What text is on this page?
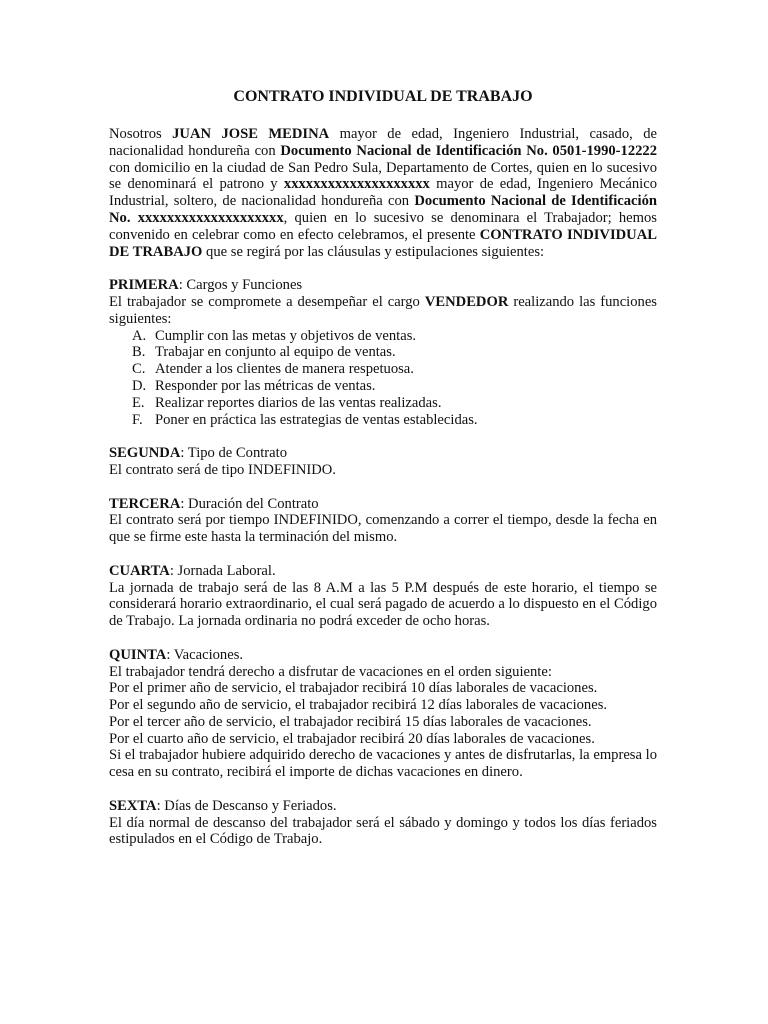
CONTRATO INDIVIDUAL DE TRABAJO

Nosotros JUAN JOSE MEDINA mayor de edad, Ingeniero Industrial, casado, de nacionalidad hondureña con Documento Nacional de Identificación No. 0501-1990-12222 con domicilio en la ciudad de San Pedro Sula, Departamento de Cortes, quien en lo sucesivo se denominará el patrono y xxxxxxxxxxxxxxxxxxxx mayor de edad, Ingeniero Mecánico Industrial, soltero, de nacionalidad hondureña con Documento Nacional de Identificación No. xxxxxxxxxxxxxxxxxxxx, quien en lo sucesivo se denominara el Trabajador; hemos convenido en celebrar como en efecto celebramos, el presente CONTRATO INDIVIDUAL DE TRABAJO que se regirá por las cláusulas y estipulaciones siguientes:

PRIMERA: Cargos y Funciones

El trabajador se compromete a desempeñar el cargo VENDEDOR realizando las funciones siguientes:

A. Cumplir con las metas y objetivos de ventas.
B. Trabajar en conjunto al equipo de ventas.
C. Atender a los clientes de manera respetuosa.
D. Responder por las métricas de ventas.
E. Realizar reportes diarios de las ventas realizadas.
F. Poner en práctica las estrategias de ventas establecidas.

SEGUNDA: Tipo de Contrato

El contrato será de tipo INDEFINIDO.

TERCERA: Duración del Contrato

El contrato será por tiempo INDEFINIDO, comenzando a correr el tiempo, desde la fecha en que se firme este hasta la terminación del mismo.

CUARTA: Jornada Laboral.

La jornada de trabajo será de las 8 A.M a las 5 P.M después de este horario, el tiempo se considerará horario extraordinario, el cual será pagado de acuerdo a lo dispuesto en el Código de Trabajo. La jornada ordinaria no podrá exceder de ocho horas.

QUINTA: Vacaciones.

El trabajador tendrá derecho a disfrutar de vacaciones en el orden siguiente:
Por el primer año de servicio, el trabajador recibirá 10 días laborales de vacaciones.
Por el segundo año de servicio, el trabajador recibirá 12 días laborales de vacaciones.
Por el tercer año de servicio, el trabajador recibirá 15 días laborales de vacaciones.
Por el cuarto año de servicio, el trabajador recibirá 20 días laborales de vacaciones.

Si el trabajador hubiere adquirido derecho de vacaciones y antes de disfrutarlas, la empresa lo cesa en su contrato, recibirá el importe de dichas vacaciones en dinero.

SEXTA: Días de Descanso y Feriados.

El día normal de descanso del trabajador será el sábado y domingo y todos los días feriados estipulados en el Código de Trabajo.
